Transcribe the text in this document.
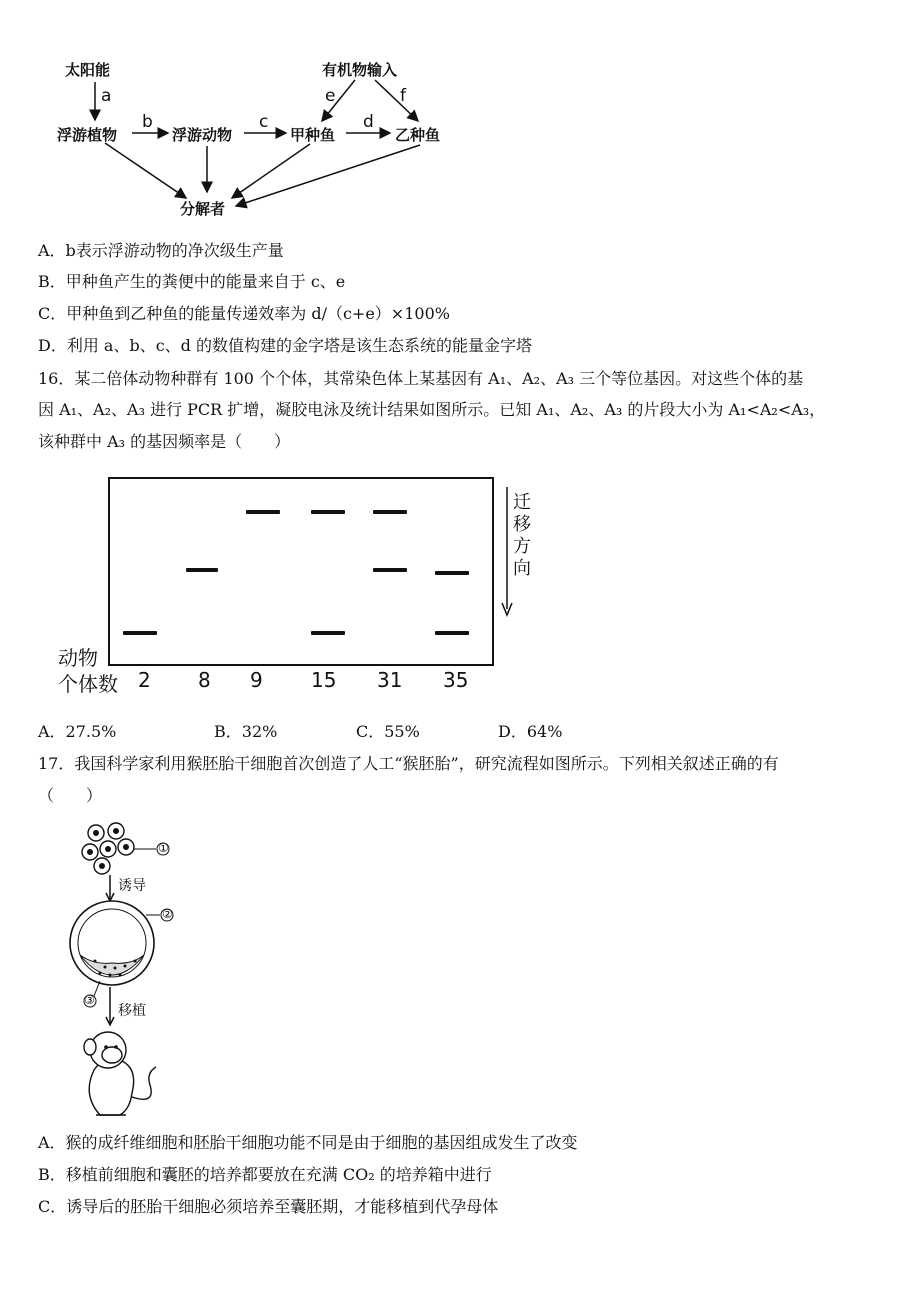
太阳能	有机物输入
浮游植物	浮游动物	甲种鱼	乙种鱼
分解者
a
b	c	d
e	f
A．b表示浮游动物的净次级生产量
B．甲种鱼产生的粪便中的能量来自于 c、e
C．甲种鱼到乙种鱼的能量传递效率为 d/（c+e）×100%
D．利用 a、b、c、d 的数值构建的金字塔是该生态系统的能量金字塔
16．某二倍体动物种群有 100 个个体，其常染色体上某基因有 A₁、A₂、A₃ 三个等位基因。对这些个体的基
因 A₁、A₂、A₃ 进行 PCR 扩增，凝胶电泳及统计结果如图所示。已知 A₁、A₂、A₃ 的片段大小为 A₁<A₂<A₃，
该种群中 A₃ 的基因频率是（　　）
迁
移
方
向
动物
个体数 2 8 9 15 31 35
A．27.5%	B．32%	C．55%	D．64%
17．我国科学家利用猴胚胎干细胞首次创造了人工“猴胚胎”，研究流程如图所示。下列相关叙述正确的有
（　　）
①
②
③
诱导
移植
A．猴的成纤维细胞和胚胎干细胞功能不同是由于细胞的基因组成发生了改变
B．移植前细胞和囊胚的培养都要放在充满 CO₂ 的培养箱中进行
C．诱导后的胚胎干细胞必须培养至囊胚期，才能移植到代孕母体
